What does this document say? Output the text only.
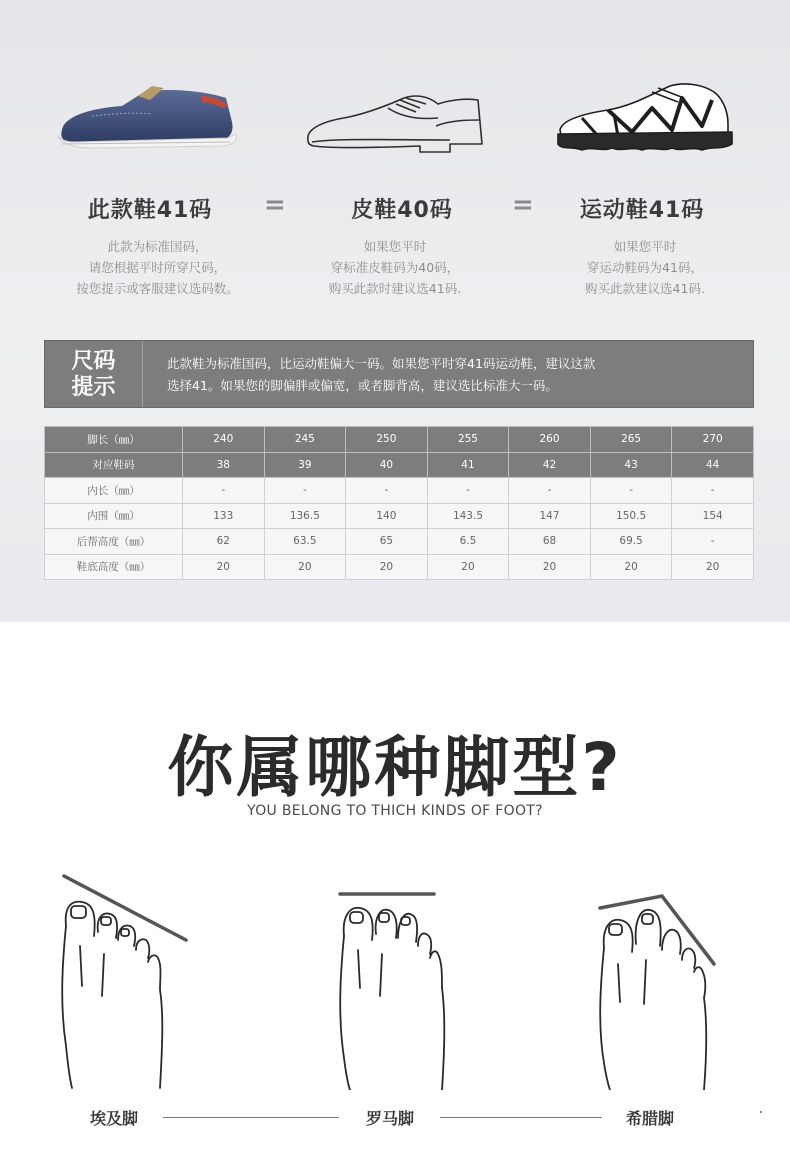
此款鞋41码	=	皮鞋40码	=	运动鞋41码
此款为标准国码，
请您根据平时所穿尺码，
按您提示或客服建议选码数。
如果您平时
穿标准皮鞋码为40码，
购买此款时建议选41码.
如果您平时
穿运动鞋码为41码，
购买此款建议选41码.
尺码
提示
此款鞋为标准国码，比运动鞋偏大一码。如果您平时穿41码运动鞋，建议这款
选择41。如果您的脚偏胖或偏宽，或者脚背高，建议选比标准大一码。
脚长（㎜）	240	245	250	255	260	265	270
对应鞋码	38	39	40	41	42	43	44
内长（㎜）	-	-	-	-	-	-	-
内围（㎜）	133	136.5	140	143.5	147	150.5	154
后帮高度（㎜）	62	63.5	65	6.5	68	69.5	-
鞋底高度（㎜）	20	20	20	20	20	20	20
你属哪种脚型?
YOU BELONG TO THICH KINDS OF FOOT?
埃及脚	罗马脚	希腊脚
